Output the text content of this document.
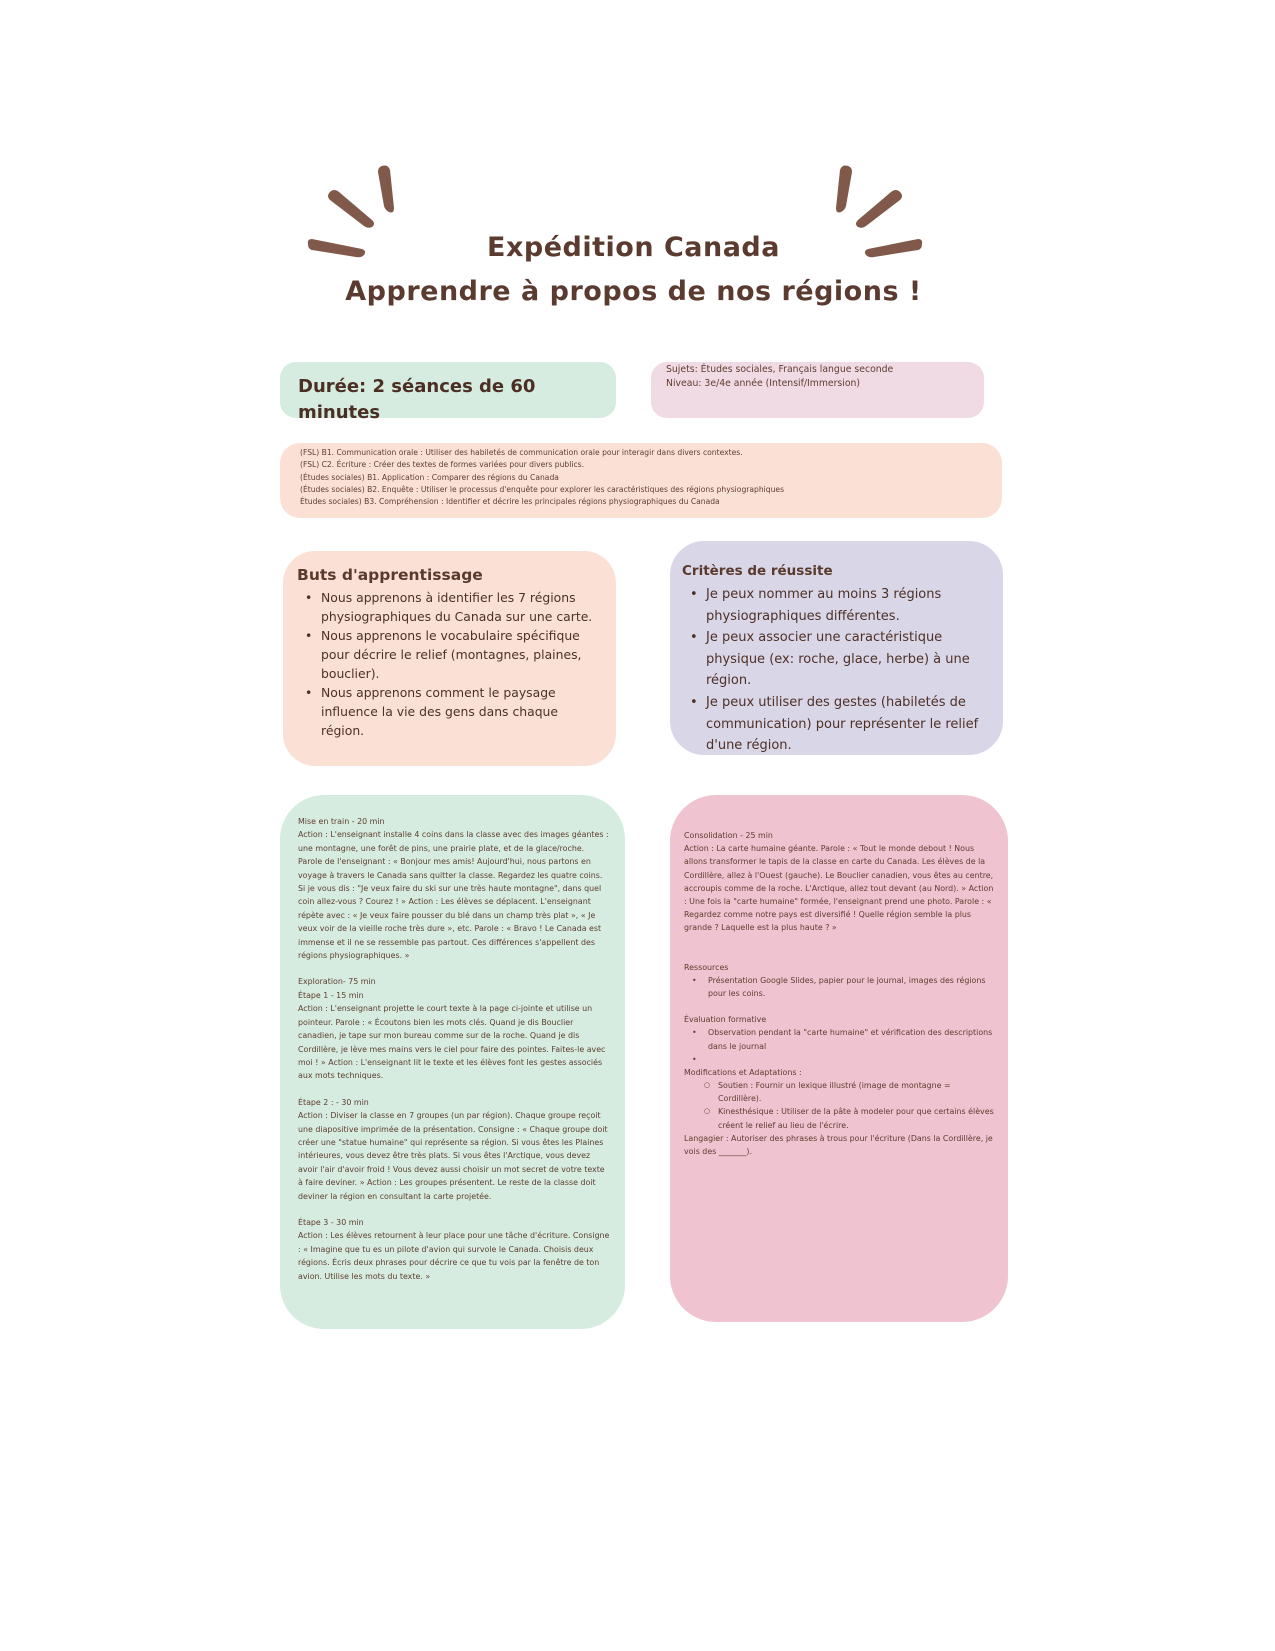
Expédition Canada
Apprendre à propos de nos régions !
Durée: 2 séances de 60 minutes
Sujets: Études sociales, Français langue seconde
Niveau: 3e/4e année (Intensif/Immersion)
(FSL) B1. Communication orale : Utiliser des habiletés de communication orale pour interagir dans divers contextes.
(FSL) C2. Écriture : Créer des textes de formes variées pour divers publics.
(Études sociales) B1. Application : Comparer des régions du Canada
(Études sociales) B2. Enquête : Utiliser le processus d'enquête pour explorer les caractéristiques des régions physiographiques
Études sociales) B3. Compréhension : Identifier et décrire les principales régions physiographiques du Canada
Buts d'apprentissage
• Nous apprenons à identifier les 7 régions physiographiques du Canada sur une carte.
• Nous apprenons le vocabulaire spécifique pour décrire le relief (montagnes, plaines, bouclier).
• Nous apprenons comment le paysage influence la vie des gens dans chaque région.
Critères de réussite
• Je peux nommer au moins 3 régions physiographiques différentes.
• Je peux associer une caractéristique physique (ex: roche, glace, herbe) à une région.
• Je peux utiliser des gestes (habiletés de communication) pour représenter le relief d'une région.
Mise en train - 20 min
Action : L'enseignant installe 4 coins dans la classe avec des images géantes : une montagne, une forêt de pins, une prairie plate, et de la glace/roche. Parole de l'enseignant : « Bonjour mes amis! Aujourd'hui, nous partons en voyage à travers le Canada sans quitter la classe. Regardez les quatre coins. Si je vous dis : "Je veux faire du ski sur une très haute montagne", dans quel coin allez-vous ? Courez ! » Action : Les élèves se déplacent. L'enseignant répète avec : « Je veux faire pousser du blé dans un champ très plat », « Je veux voir de la vieille roche très dure », etc. Parole : « Bravo ! Le Canada est immense et il ne se ressemble pas partout. Ces différences s'appellent des régions physiographiques. »
Exploration- 75 min
Étape 1 - 15 min
Action : L'enseignant projette le court texte à la page ci-jointe et utilise un pointeur. Parole : « Écoutons bien les mots clés. Quand je dis Bouclier canadien, je tape sur mon bureau comme sur de la roche. Quand je dis Cordillère, je lève mes mains vers le ciel pour faire des pointes. Faites-le avec moi ! » Action : L'enseignant lit le texte et les élèves font les gestes associés aux mots techniques.
Étape 2 : - 30 min
Action : Diviser la classe en 7 groupes (un par région). Chaque groupe reçoit une diapositive imprimée de la présentation. Consigne : « Chaque groupe doit créer une "statue humaine" qui représente sa région. Si vous êtes les Plaines intérieures, vous devez être très plats. Si vous êtes l'Arctique, vous devez avoir l'air d'avoir froid ! Vous devez aussi choisir un mot secret de votre texte à faire deviner. » Action : Les groupes présentent. Le reste de la classe doit deviner la région en consultant la carte projetée.
Étape 3 - 30 min
Action : Les élèves retournent à leur place pour une tâche d'écriture. Consigne : « Imagine que tu es un pilote d'avion qui survole le Canada. Choisis deux régions. Écris deux phrases pour décrire ce que tu vois par la fenêtre de ton avion. Utilise les mots du texte. »
Consolidation - 25 min
Action : La carte humaine géante. Parole : « Tout le monde debout ! Nous allons transformer le tapis de la classe en carte du Canada. Les élèves de la Cordillère, allez à l'Ouest (gauche). Le Bouclier canadien, vous êtes au centre, accroupis comme de la roche. L'Arctique, allez tout devant (au Nord). » Action : Une fois la "carte humaine" formée, l'enseignant prend une photo. Parole : « Regardez comme notre pays est diversifié ! Quelle région semble la plus grande ? Laquelle est la plus haute ? »
Ressources
• Présentation Google Slides, papier pour le journal, images des régions pour les coins.
Évaluation formative
• Observation pendant la "carte humaine" et vérification des descriptions dans le journal
•
Modifications et Adaptations :
○ Soutien : Fournir un lexique illustré (image de montagne = Cordillère).
○ Kinesthésique : Utiliser de la pâte à modeler pour que certains élèves créent le relief au lieu de l'écrire.
Langagier : Autoriser des phrases à trous pour l'écriture (Dans la Cordillère, je vois des _______).
